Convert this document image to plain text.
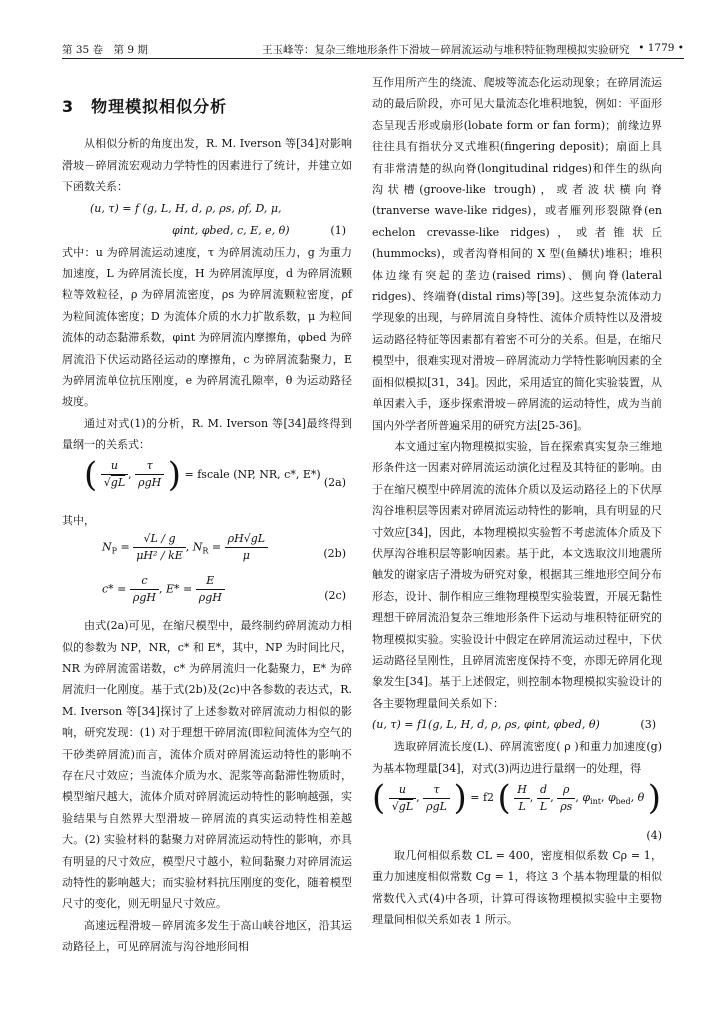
第 35 卷　第 9 期	王玉峰等：复杂三维地形条件下滑坡－碎屑流运动与堆积特征物理模拟实验研究 • 1779 •
3　物理模拟相似分析

从相似分析的角度出发，R. M. Iverson 等[34]对影响滑坡－碎屑流宏观动力学特性的因素进行了统计，并建立如下函数关系：

(u, τ) = f (g, L, H, d, ρ, ρs, ρf, D, μ,
φint, φbed, c, E, e, θ)	(1)

式中：u 为碎屑流运动速度，τ 为碎屑流动压力，g 为重力加速度，L 为碎屑流长度，H 为碎屑流厚度，d 为碎屑流颗粒等效粒径，ρ 为碎屑流密度，ρs 为碎屑流颗粒密度，ρf 为粒间流体密度；D 为流体介质的水力扩散系数，μ 为粒间流体的动态黏滞系数，φint 为碎屑流内摩擦角，φbed 为碎屑流沿下伏运动路径运动的摩擦角，c 为碎屑流黏聚力，E 为碎屑流单位抗压刚度，e 为碎屑流孔隙率，θ 为运动路径坡度。

通过对式(1)的分析，R. M. Iverson 等[34]最终得到量纲一的关系式：

( $\frac{u}{√gL}$ , $\frac{\tau}{\text{ρgH}}$ ) = fscale (NP, NR, c*, E*)
(2a)

其中，

$N_P = \frac{√L / g}{\text{μH² / kE}}$ , $N_R = \frac{\rho H√gL}{\mu}$	(2b)
$c* = \frac{c}{\text{ρgH}}$ , $E* = \frac{E}{\text{ρgH}}$	(2c)

由式(2a)可见，在缩尺模型中，最终制约碎屑流动力相似的参数为 NP，NR，c* 和 E*，其中，NP 为时间比尺，NR 为碎屑流雷诺数，c* 为碎屑流归一化黏聚力，E* 为碎屑流归一化刚度。基于式(2b)及(2c)中各参数的表达式，R. M. Iverson 等[34]探讨了上述参数对碎屑流动力相似的影响，研究发现：(1) 对于理想干碎屑流(即粒间流体为空气的干砂类碎屑流)而言，流体介质对碎屑流运动特性的影响不存在尺寸效应；当流体介质为水、泥浆等高黏滞性物质时，模型缩尺越大，流体介质对碎屑流运动特性的影响越强，实验结果与自然界大型滑坡－碎屑流的真实运动特性相差越大。(2) 实验材料的黏聚力对碎屑流运动特性的影响，亦具有明显的尺寸效应，模型尺寸越小，粒间黏聚力对碎屑流运动特性的影响越大；而实验材料抗压刚度的变化，随着模型尺寸的变化，则无明显尺寸效应。

高速远程滑坡－碎屑流多发生于高山峡谷地区，沿其运动路径上，可见碎屑流与沟谷地形间相

互作用所产生的绕流、爬坡等流态化运动现象；在碎屑流运动的最后阶段，亦可见大量流态化堆积地貌，例如：平面形态呈现舌形或扇形(lobate form or fan form)；前缘边界往往具有指状分叉式堆积(fingering deposit)；扇面上具有非常清楚的纵向脊(longitudinal ridges)和伴生的纵向沟状槽(groove-like trough)，或者波状横向脊(tranverse wave-like ridges)，或者雁列形裂隙脊(en echelon crevasse-like ridges)，或者锥状丘(hummocks)，或者沟脊相间的 X 型(鱼鳞状)堆积；堆积体边缘有突起的垄边(raised rims)、侧向脊(lateral ridges)、终端脊(distal rims)等[39]。这些复杂流体动力学现象的出现，与碎屑流自身特性、流体介质特性以及滑坡运动路径特征等因素都有着密不可分的关系。但是，在缩尺模型中，很难实现对滑坡－碎屑流动力学特性影响因素的全面相似模拟[31，34]。因此，采用适宜的简化实验装置，从单因素入手，逐步探索滑坡－碎屑流的运动特性，成为当前国内外学者所普遍采用的研究方法[25-36]。

本文通过室内物理模拟实验，旨在探索真实复杂三维地形条件这一因素对碎屑流运动演化过程及其特征的影响。由于在缩尺模型中碎屑流的流体介质以及运动路径上的下伏厚沟谷堆积层等因素对碎屑流运动特性的影响，具有明显的尺寸效应[34]，因此，本物理模拟实验暂不考虑流体介质及下伏厚沟谷堆积层等影响因素。基于此，本文选取汶川地震所触发的谢家店子滑坡为研究对象，根据其三维地形空间分布形态，设计、制作相应三维物理模型实验装置，开展无黏性理想干碎屑流沿复杂三维地形条件下运动与堆积特征研究的物理模拟实验。实验设计中假定在碎屑流运动过程中，下伏运动路径呈刚性，且碎屑流密度保持不变，亦即无碎屑化现象发生[34]。基于上述假定，则控制本物理模拟实验设计的各主要物理量间关系如下：

(u, τ) = f1(g, L, H, d, ρ, ρs, φint, φbed, θ)	(3)

选取碎屑流长度(L)、碎屑流密度( ρ )和重力加速度(g)为基本物理量[34]，对式(3)两边进行量纲一的处理，得

( $\frac{u}{√gL}$ , $\frac{\tau}{\text{ρgL}}$ ) = f2 ( $\frac{H}{L}$ , $\frac{d}{L}$ , $\frac{\rho}{\rho s}$ , $\varphi_{int}$, $\varphi_{bed}$, θ )
(4)

取几何相似系数 CL = 400，密度相似系数 Cρ = 1，重力加速度相似常数 Cg = 1，将这 3 个基本物理量的相似常数代入式(4)中各项，计算可得该物理模拟实验中主要物理量间相似关系如表 1 所示。
